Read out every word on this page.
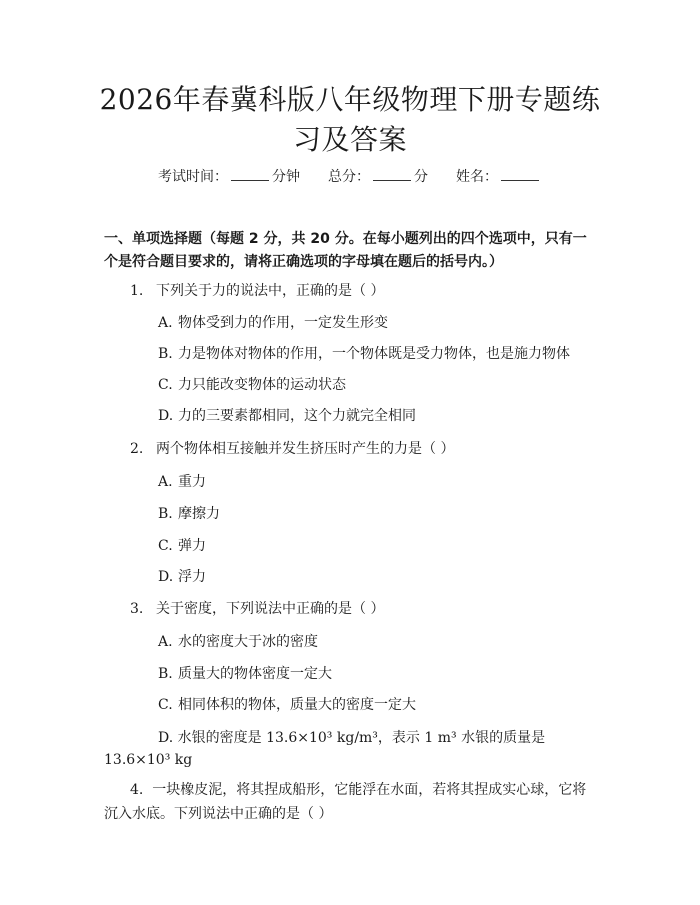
2026年春冀科版八年级物理下册专题练习及答案
考试时间：	分钟 总分：	分 姓名：

一、单项选择题（每题 2 分，共 20 分。在每小题列出的四个选项中，只有一个是符合题目要求的，请将正确选项的字母填在题后的括号内。）

1. 下列关于力的说法中，正确的是（ ）
A. 物体受到力的作用，一定发生形变
B. 力是物体对物体的作用，一个物体既是受力物体，也是施力物体
C. 力只能改变物体的运动状态
D. 力的三要素都相同，这个力就完全相同
2. 两个物体相互接触并发生挤压时产生的力是（ ）
A. 重力
B. 摩擦力
C. 弹力
D. 浮力
3. 关于密度，下列说法中正确的是（ ）
A. 水的密度大于冰的密度
B. 质量大的物体密度一定大
C. 相同体积的物体，质量大的密度一定大
D. 水银的密度是 13.6×10³ kg/m³，表示 1 m³ 水银的质量是 13.6×10³ kg
4. 一块橡皮泥，将其捏成船形，它能浮在水面，若将其捏成实心球，它将沉入水底。下列说法中正确的是（ ）
